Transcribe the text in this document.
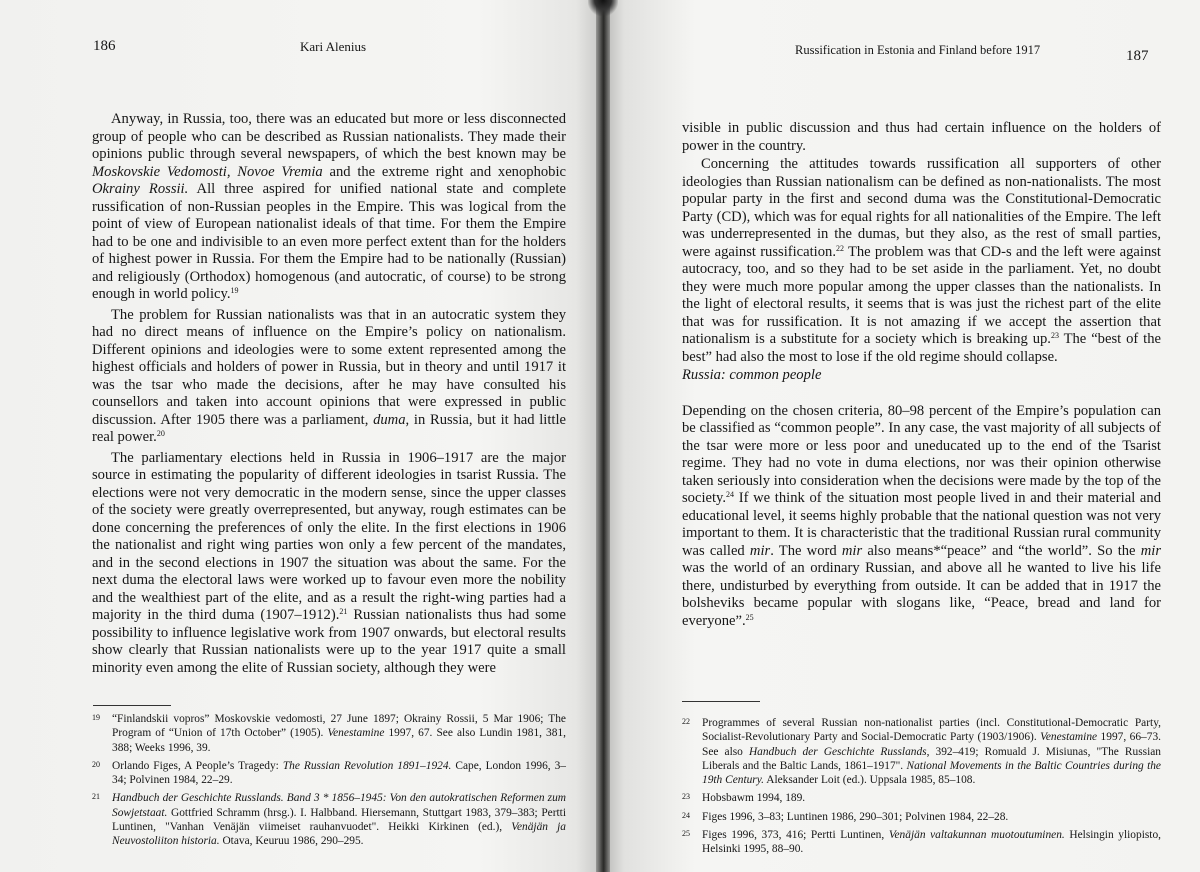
186	Kari Alenius

Anyway, in Russia, too, there was an educated but more or less disconnected group of people who can be described as Russian nationalists. They made their opinions public through several newspapers, of which the best known may be Moskovskie Vedomosti, Novoe Vremia and the extreme right and xenophobic Okrainy Rossii. All three aspired for unified national state and complete russification of non-Russian peoples in the Empire. This was logical from the point of view of European nationalist ideals of that time. For them the Empire had to be one and indivisible to an even more perfect extent than for the holders of highest power in Russia. For them the Empire had to be nationally (Russian) and religiously (Orthodox) homogenous (and autocratic, of course) to be strong enough in world policy.$^{19}$

The problem for Russian nationalists was that in an autocratic system they had no direct means of influence on the Empire’s policy on nationalism. Different opinions and ideologies were to some extent represented among the highest officials and holders of power in Russia, but in theory and until 1917 it was the tsar who made the decisions, after he may have consulted his counsellors and taken into account opinions that were expressed in public discussion. After 1905 there was a parliament, duma, in Russia, but it had little real power.$^{20}$

The parliamentary elections held in Russia in 1906–1917 are the major source in estimating the popularity of different ideologies in tsarist Russia. The elections were not very democratic in the modern sense, since the upper classes of the society were greatly overrepresented, but anyway, rough estimates can be done concerning the preferences of only the elite. In the first elections in 1906 the nationalist and right wing parties won only a few percent of the mandates, and in the second elections in 1907 the situation was about the same. For the next duma the electoral laws were worked up to favour even more the nobility and the wealthiest part of the elite, and as a result the right-wing parties had a majority in the third duma (1907–1912).$^{21}$ Russian nationalists thus had some possibility to influence legislative work from 1907 onwards, but electoral results show clearly that Russian nationalists were up to the year 1917 quite a small minority even among the elite of Russian society, although they were

19 “Finlandskii vopros” Moskovskie vedomosti, 27 June 1897; Okrainy Rossii, 5 Mar 1906; The Program of “Union of 17th October” (1905). Venestamine 1997, 67. See also Lundin 1981, 381, 388; Weeks 1996, 39.
20 Orlando Figes, A People’s Tragedy: The Russian Revolution 1891–1924. Cape, London 1996, 3–34; Polvinen 1984, 22–29.
21 Handbuch der Geschichte Russlands. Band 3 * 1856–1945: Von den autokratischen Reformen zum Sowjetstaat. Gottfried Schramm (hrsg.). I. Halbband. Hiersemann, Stuttgart 1983, 379–383; Pertti Luntinen, "Vanhan Venäjän viimeiset rauhanvuodet". Heikki Kirkinen (ed.), Venäjän ja Neuvostoliiton historia. Otava, Keuruu 1986, 290–295.
Russification in Estonia and Finland before 1917	187

visible in public discussion and thus had certain influence on the holders of power in the country.

Concerning the attitudes towards russification all supporters of other ideologies than Russian nationalism can be defined as non-nationalists. The most popular party in the first and second duma was the Constitutional-Democratic Party (CD), which was for equal rights for all nationalities of the Empire. The left was underrepresented in the dumas, but they also, as the rest of small parties, were against russification.$^{22}$ The problem was that CD-s and the left were against autocracy, too, and so they had to be set aside in the parliament. Yet, no doubt they were much more popular among the upper classes than the nationalists. In the light of electoral results, it seems that is was just the richest part of the elite that was for russification. It is not amazing if we accept the assertion that nationalism is a substitute for a society which is breaking up.$^{23}$ The “best of the best” had also the most to lose if the old regime should collapse.

Russia: common people

Depending on the chosen criteria, 80–98 percent of the Empire’s population can be classified as “common people”. In any case, the vast majority of all subjects of the tsar were more or less poor and uneducated up to the end of the Tsarist regime. They had no vote in duma elections, nor was their opinion otherwise taken seriously into consideration when the decisions were made by the top of the society.$^{24}$ If we think of the situation most people lived in and their material and educational level, it seems highly probable that the national question was not very important to them. It is characteristic that the traditional Russian rural community was called mir. The word mir also means*“peace” and “the world”. So the mir was the world of an ordinary Russian, and above all he wanted to live his life there, undisturbed by everything from outside. It can be added that in 1917 the bolsheviks became popular with slogans like, “Peace, bread and land for everyone”.$^{25}$

22 Programmes of several Russian non-nationalist parties (incl. Constitutional-Democratic Party, Socialist-Revolutionary Party and Social-Democratic Party (1903/1906). Venestamine 1997, 66–73. See also Handbuch der Geschichte Russlands, 392–419; Romuald J. Misiunas, "The Russian Liberals and the Baltic Lands, 1861–1917". National Movements in the Baltic Countries during the 19th Century. Aleksander Loit (ed.). Uppsala 1985, 85–108.
23 Hobsbawm 1994, 189.
24 Figes 1996, 3–83; Luntinen 1986, 290–301; Polvinen 1984, 22–28.
25 Figes 1996, 373, 416; Pertti Luntinen, Venäjän valtakunnan muotoutuminen. Helsingin yliopisto, Helsinki 1995, 88–90.
